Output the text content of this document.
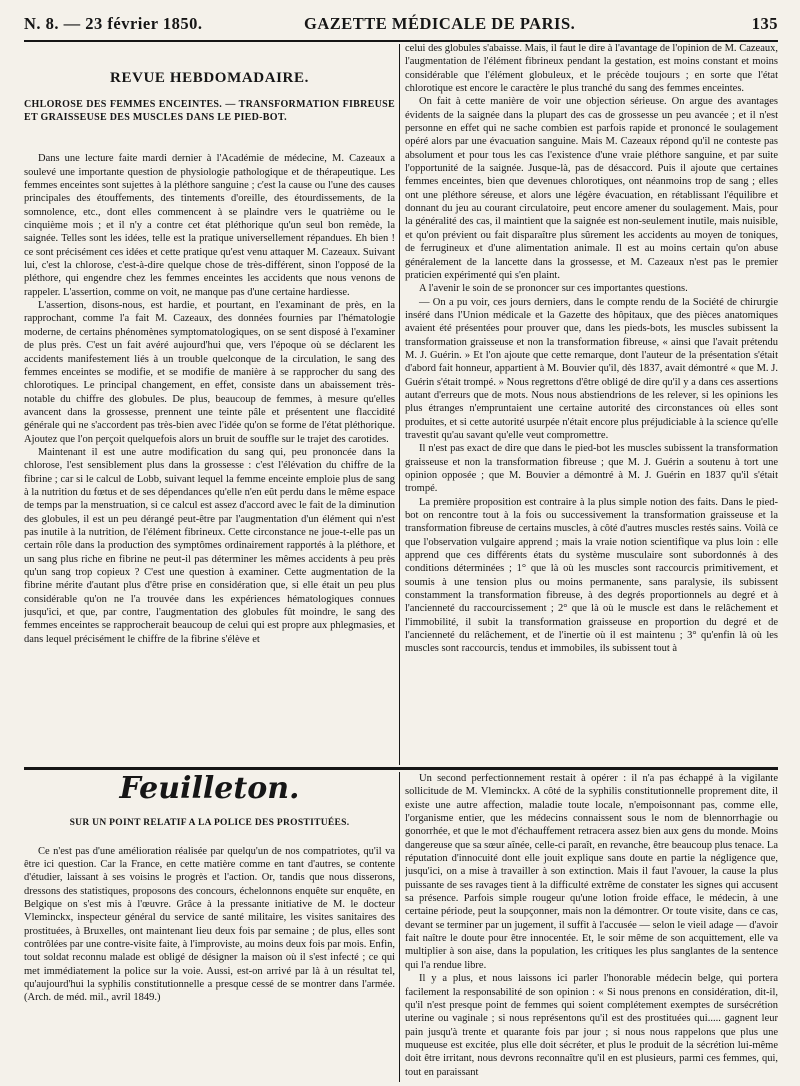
N. 8. — 23 février 1850.	GAZETTE MÉDICALE DE PARIS.	135
REVUE HEBDOMADAIRE.
CHLOROSE DES FEMMES ENCEINTES. — TRANSFORMATION FIBREUSE ET GRAISSEUSE DES MUSCLES DANS LE PIED-BOT.

Dans une lecture faite mardi dernier à l'Académie de médecine, M. Cazeaux a soulevé une importante question de physiologie pathologique et de thérapeutique. Les femmes enceintes sont sujettes à la pléthore sanguine ; c'est la cause ou l'une des causes principales des étouffements, des tintements d'oreille, des étourdissements, de la somnolence, etc., dont elles commencent à se plaindre vers le quatrième ou le cinquième mois ; et il n'y a contre cet état pléthorique qu'un seul bon remède, la saignée. Telles sont les idées, telle est la pratique universellement répandues. Eh bien ! ce sont précisément ces idées et cette pratique qu'est venu attaquer M. Cazeaux. Suivant lui, c'est la chlorose, c'est-à-dire quelque chose de très-différent, sinon l'opposé de la pléthore, qui engendre chez les femmes enceintes les accidents que nous venons de rappeler. L'assertion, comme on voit, ne manque pas d'une certaine hardiesse.

L'assertion, disons-nous, est hardie, et pourtant, en l'examinant de près, en la rapprochant, comme l'a fait M. Cazeaux, des données fournies par l'hématologie moderne, de certains phénomènes symptomatologiques, on se sent disposé à l'examiner de plus près. C'est un fait avéré aujourd'hui que, vers l'époque où se déclarent les accidents manifestement liés à un trouble quelconque de la circulation, le sang des femmes enceintes se modifie, et se modifie de manière à se rapprocher du sang des chlorotiques. Le principal changement, en effet, consiste dans un abaissement très-notable du chiffre des globules. De plus, beaucoup de femmes, à mesure qu'elles avancent dans la grossesse, prennent une teinte pâle et présentent une flaccidité générale qui ne s'accordent pas très-bien avec l'idée qu'on se forme de l'état pléthorique. Ajoutez que l'on perçoit quelquefois alors un bruit de souffle sur le trajet des carotides.

Maintenant il est une autre modification du sang qui, peu prononcée dans la chlorose, l'est sensiblement plus dans la grossesse : c'est l'élévation du chiffre de la fibrine ; car si le calcul de Lobb, suivant lequel la femme enceinte emploie plus de sang à la nutrition du fœtus et de ses dépendances qu'elle n'en eût perdu dans le même espace de temps par la menstruation, si ce calcul est assez d'accord avec le fait de la diminution des globules, il est un peu dérangé peut-être par l'augmentation d'un élément qui n'est pas inutile à la nutrition, de l'élément fibrineux. Cette circonstance ne joue-t-elle pas un certain rôle dans la production des symptômes ordinairement rapportés à la pléthore, et un sang plus riche en fibrine ne peut-il pas déterminer les mêmes accidents à peu près qu'un sang trop copieux ? C'est une question à examiner. Cette augmentation de la fibrine mérite d'autant plus d'être prise en considération que, si elle était un peu plus considérable qu'on ne l'a trouvée dans les expériences hématologiques connues jusqu'ici, et que, par contre, l'augmentation des globules fût moindre, le sang des femmes enceintes se rapprocherait beaucoup de celui qui est propre aux phlegmasies, et dans lequel précisément le chiffre de la fibrine s'élève et

celui des globules s'abaisse. Mais, il faut le dire à l'avantage de l'opinion de M. Cazeaux, l'augmentation de l'élément fibrineux pendant la gestation, est moins constant et moins considérable que l'élément globuleux, et le précède toujours ; en sorte que l'état chlorotique est encore le caractère le plus tranché du sang des femmes enceintes.

On fait à cette manière de voir une objection sérieuse. On argue des avantages évidents de la saignée dans la plupart des cas de grossesse un peu avancée ; et il n'est personne en effet qui ne sache combien est parfois rapide et prononcé le soulagement opéré alors par une évacuation sanguine. Mais M. Cazeaux répond qu'il ne conteste pas absolument et pour tous les cas l'existence d'une vraie pléthore sanguine, et par suite l'opportunité de la saignée. Jusque-là, pas de désaccord. Puis il ajoute que certaines femmes enceintes, bien que devenues chlorotiques, ont néanmoins trop de sang ; elles ont une pléthore séreuse, et alors une légère évacuation, en rétablissant l'équilibre et donnant du jeu au courant circulatoire, peut encore amener du soulagement. Mais, pour la généralité des cas, il maintient que la saignée est non-seulement inutile, mais nuisible, et qu'on prévient ou fait disparaître plus sûrement les accidents au moyen de toniques, de ferrugineux et d'une alimentation animale. Il est au moins certain qu'on abuse généralement de la lancette dans la grossesse, et M. Cazeaux n'est pas le premier praticien expérimenté qui s'en plaint.

A l'avenir le soin de se prononcer sur ces importantes questions.

— On a pu voir, ces jours derniers, dans le compte rendu de la Société de chirurgie inséré dans l'Union médicale et la Gazette des hôpitaux, que des pièces anatomiques avaient été présentées pour prouver que, dans les pieds-bots, les muscles subissent la transformation graisseuse et non la transformation fibreuse, « ainsi que l'avait prétendu M. J. Guérin. » Et l'on ajoute que cette remarque, dont l'auteur de la présentation s'était d'abord fait honneur, appartient à M. Bouvier qu'il, dès 1837, avait démontré « que M. J. Guérin s'était trompé. » Nous regrettons d'être obligé de dire qu'il y a dans ces assertions autant d'erreurs que de mots. Nous nous abstiendrions de les relever, si les opinions les plus étranges n'empruntaient une certaine autorité des circonstances où elles sont produites, et si cette autorité usurpée n'était encore plus préjudiciable à la science qu'elle travestit qu'au savant qu'elle veut compromettre.

Il n'est pas exact de dire que dans le pied-bot les muscles subissent la transformation graisseuse et non la transformation fibreuse ; que M. J. Guérin a soutenu à tort une opinion opposée ; que M. Bouvier a démontré à M. J. Guérin en 1837 qu'il s'était trompé.

La première proposition est contraire à la plus simple notion des faits. Dans le pied-bot on rencontre tout à la fois ou successivement la transformation graisseuse et la transformation fibreuse de certains muscles, à côté d'autres muscles restés sains. Voilà ce que l'observation vulgaire apprend ; mais la vraie notion scientifique va plus loin : elle apprend que ces différents états du système musculaire sont subordonnés à des conditions déterminées ; 1° que là où les muscles sont raccourcis primitivement, et soumis à une tension plus ou moins permanente, sans paralysie, ils subissent constamment la transformation fibreuse, à des degrés proportionnels au degré et à l'ancienneté du raccourcissement ; 2° que là où le muscle est dans le relâchement et l'immobilité, il subit la transformation graisseuse en proportion du degré et de l'ancienneté du relâchement, et de l'inertie où il est maintenu ; 3° qu'enfin là où les muscles sont raccourcis, tendus et immobiles, ils subissent tout à

Feuilleton.
SUR UN POINT RELATIF A LA POLICE DES PROSTITUÉES.

Ce n'est pas d'une amélioration réalisée par quelqu'un de nos compatriotes, qu'il va être ici question. Car la France, en cette matière comme en tant d'autres, se contente d'étudier, laissant à ses voisins le progrès et l'action. Or, tandis que nous disserons, dressons des statistiques, proposons des concours, échelonnons enquête sur enquête, en Belgique on s'est mis à l'œuvre. Grâce à la pressante initiative de M. le docteur Vleminckx, inspecteur général du service de santé militaire, les visites sanitaires des prostituées, à Bruxelles, ont maintenant lieu deux fois par semaine ; de plus, elles sont contrôlées par une contre-visite faite, à l'improviste, au moins deux fois par mois. Enfin, tout soldat reconnu malade est obligé de désigner la maison où il s'est infecté ; ce qui met immédiatement la police sur la voie. Aussi, est-on arrivé par là à un résultat tel, qu'aujourd'hui la syphilis constitutionnelle a presque cessé de se montrer dans l'armée. (Arch. de méd. mil., avril 1849.)

Un second perfectionnement restait à opérer : il n'a pas échappé à la vigilante sollicitude de M. Vleminckx. A côté de la syphilis constitutionnelle proprement dite, il existe une autre affection, maladie toute locale, n'empoisonnant pas, comme elle, l'organisme entier, que les médecins connaissent sous le nom de blennorrhagie ou gonorrhée, et que le mot d'échauffement retracera assez bien aux gens du monde. Moins dangereuse que sa sœur aînée, celle-ci paraît, en revanche, être beaucoup plus tenace. La réputation d'innocuité dont elle jouit explique sans doute en partie la négligence que, jusqu'ici, on a mise à travailler à son extinction. Mais il faut l'avouer, la cause la plus puissante de ses ravages tient à la difficulté extrême de constater les signes qui accusent sa présence. Parfois simple rougeur qu'une lotion froide efface, le médecin, à une certaine période, peut la soupçonner, mais non la démontrer. Or toute visite, dans ce cas, devant se terminer par un jugement, il suffit à l'accusée — selon le vieil adage — d'avoir fait naître le doute pour être innocentée. Et, le soir même de son acquittement, elle va multiplier à son aise, dans la population, les critiques les plus sanglantes de la sentence qui l'a rendue libre.

Il y a plus, et nous laissons ici parler l'honorable médecin belge, qui portera facilement la responsabilité de son opinion : « Si nous prenons en considération, dit-il, qu'il n'est presque point de femmes qui soient complétement exemptes de sursécrétion uterine ou vaginale ; si nous représentons qu'il est des prostituées qui..... gagnent leur pain jusqu'à trente et quarante fois par jour ; si nous nous rappelons que plus une muqueuse est excitée, plus elle doit sécréter, et plus le produit de la sécrétion lui-même doit être irritant, nous devrons reconnaître qu'il en est plusieurs, parmi ces femmes, qui, tout en paraissant
